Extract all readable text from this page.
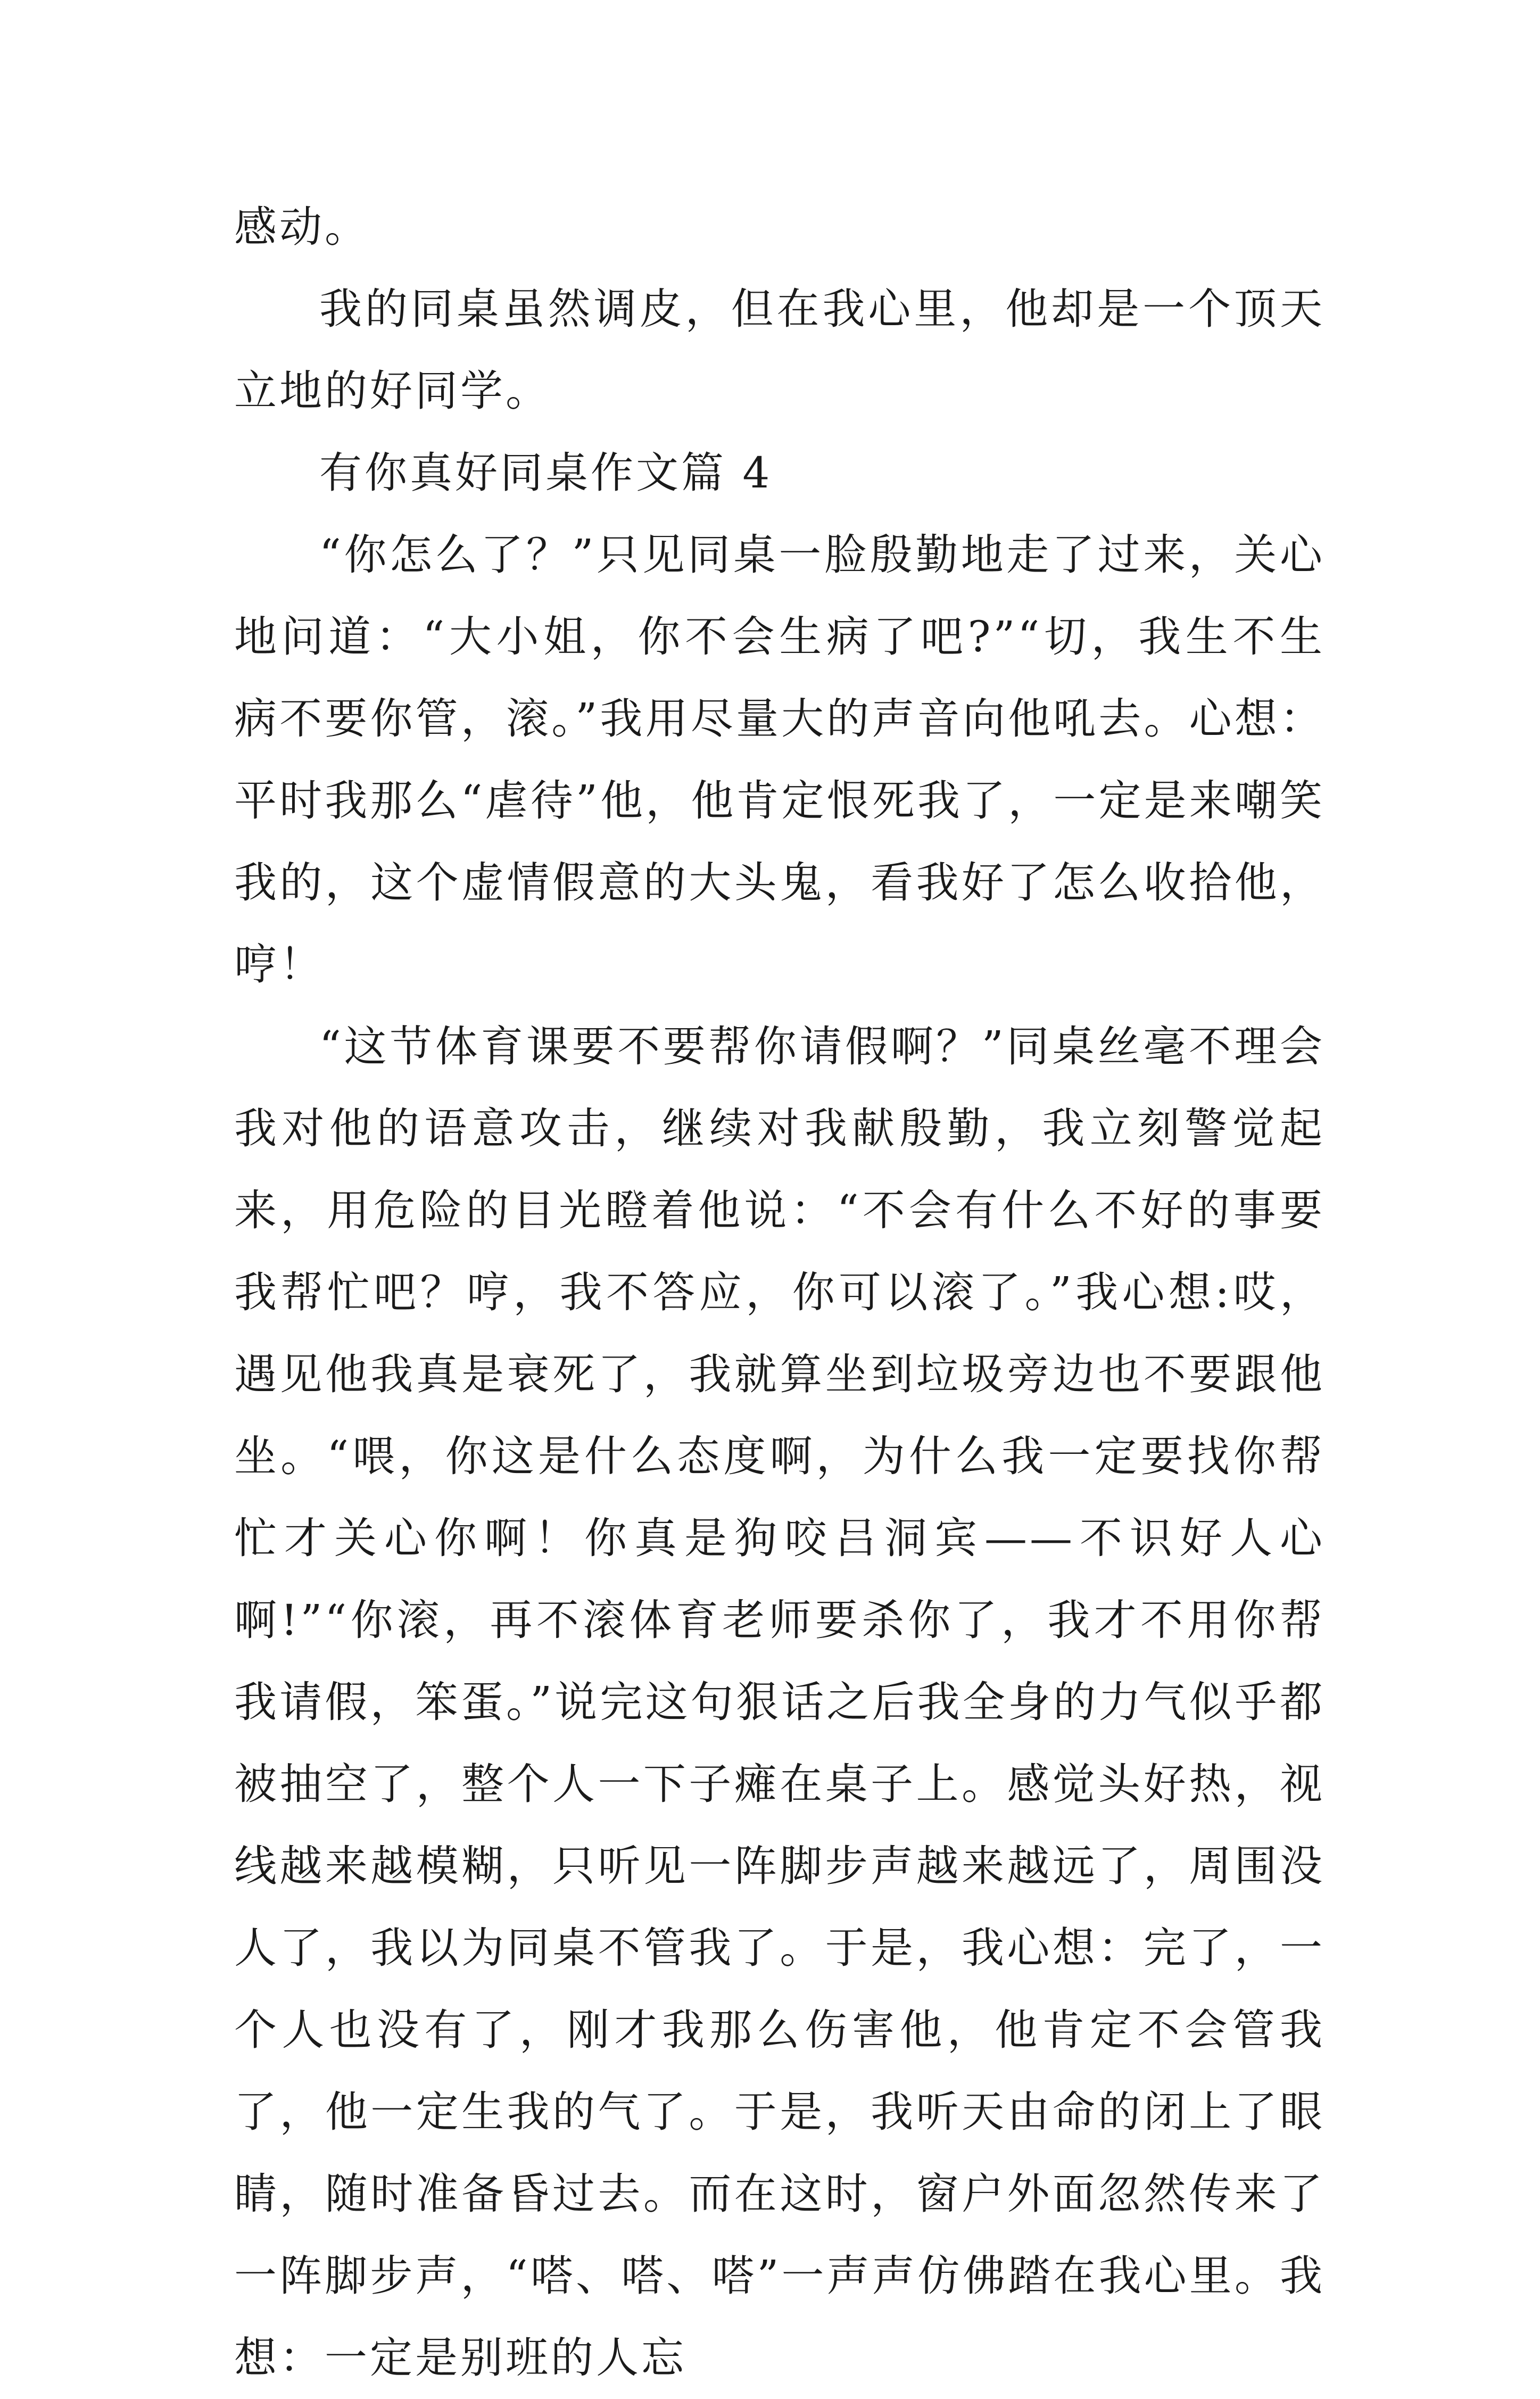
感动。

我的同桌虽然调皮，但在我心里，他却是一个顶天立地的好同学。

有你真好同桌作文篇 4

“你怎么了？”只见同桌一脸殷勤地走了过来，关心地问道：“大小姐，你不会生病了吧?”“切，我生不生病不要你管，滚。”我用尽量大的声音向他吼去。心想：平时我那么“虐待”他，他肯定恨死我了，一定是来嘲笑我的，这个虚情假意的大头鬼，看我好了怎么收拾他，哼！

“这节体育课要不要帮你请假啊？”同桌丝毫不理会我对他的语意攻击，继续对我献殷勤，我立刻警觉起来，用危险的目光瞪着他说：“不会有什么不好的事要我帮忙吧？哼，我不答应，你可以滚了。”我心想:哎，遇见他我真是衰死了，我就算坐到垃圾旁边也不要跟他坐。“喂，你这是什么态度啊，为什么我一定要找你帮忙才关心你啊！你真是狗咬吕洞宾——不识好人心啊!”“你滚，再不滚体育老师要杀你了，我才不用你帮我请假，笨蛋。”说完这句狠话之后我全身的力气似乎都被抽空了，整个人一下子瘫在桌子上。感觉头好热，视线越来越模糊，只听见一阵脚步声越来越远了，周围没人了，我以为同桌不管我了。于是，我心想：完了，一个人也没有了，刚才我那么伤害他，他肯定不会管我了，他一定生我的气了。于是，我听天由命的闭上了眼睛，随时准备昏过去。而在这时，窗户外面忽然传来了一阵脚步声，“嗒、嗒、嗒”一声声仿佛踏在我心里。我想：一定是别班的人忘
